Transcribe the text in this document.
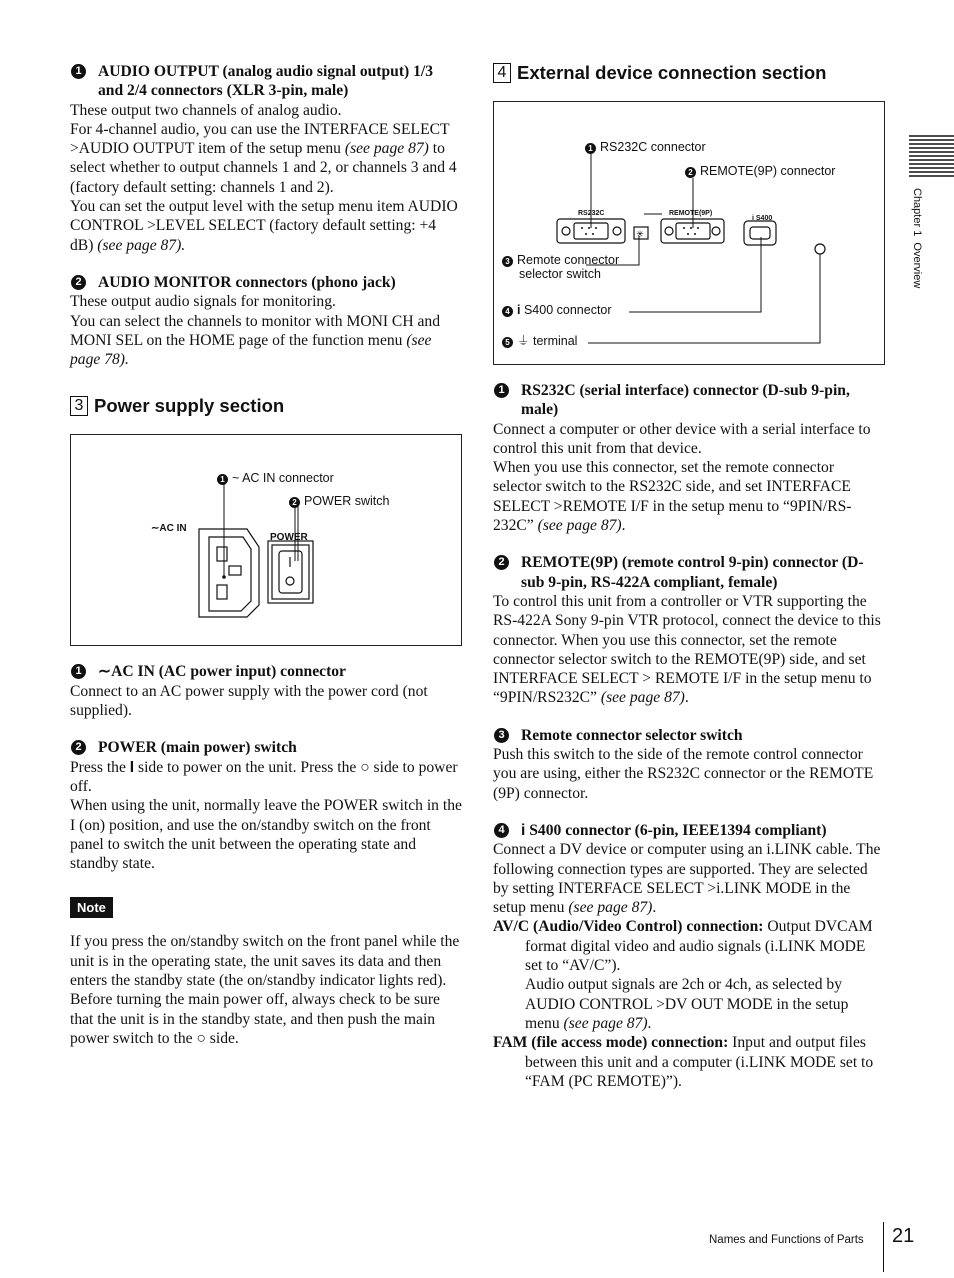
1 AUDIO OUTPUT (analog audio signal output) 1/3 and 2/4 connectors (XLR 3-pin, male)

These output two channels of analog audio.

For 4-channel audio, you can use the INTERFACE SELECT >AUDIO OUTPUT item of the setup menu (see page 87) to select whether to output channels 1 and 2, or channels 3 and 4 (factory default setting: channels 1 and 2).

You can set the output level with the setup menu item AUDIO CONTROL >LEVEL SELECT (factory default setting: +4 dB) (see page 87).

2 AUDIO MONITOR connectors (phono jack)

These output audio signals for monitoring.

You can select the channels to monitor with MONI CH and MONI SEL on the HOME page of the function menu (see page 78).

3 Power supply section
1 ~ AC IN connector
2 POWER switch
∼AC IN
POWER
1 ∼AC IN (AC power input) connector

Connect to an AC power supply with the power cord (not supplied).

2 POWER (main power) switch

Press the I side to power on the unit. Press the ○ side to power off.

When using the unit, normally leave the POWER switch in the I (on) position, and use the on/standby switch on the front panel to switch the unit between the operating state and standby state.

Note

If you press the on/standby switch on the front panel while the unit is in the operating state, the unit saves its data and then enters the standby state (the on/standby indicator lights red). Before turning the main power off, always check to be sure that the unit is in the standby state, and then push the main power switch to the ○ side.

4 External device connection section
✳
1 RS232C connector
2 REMOTE(9P) connector
3 Remote connector
selector switch
4 i S400 connector
5 ⏚ terminal
RS232C	REMOTE(9P)
i S400
1 RS232C (serial interface) connector (D-sub 9-pin, male)

Connect a computer or other device with a serial interface to control this unit from that device.

When you use this connector, set the remote connector selector switch to the RS232C side, and set INTERFACE SELECT >REMOTE I/F in the setup menu to “9PIN/RS-232C” (see page 87).

2 REMOTE(9P) (remote control 9-pin) connector (D-sub 9-pin, RS-422A compliant, female)

To control this unit from a controller or VTR supporting the RS-422A Sony 9-pin VTR protocol, connect the device to this connector. When you use this connector, set the remote connector selector switch to the REMOTE(9P) side, and set INTERFACE SELECT > REMOTE I/F in the setup menu to “9PIN/RS232C” (see page 87).

3 Remote connector selector switch

Push this switch to the side of the remote control connector you are using, either the RS232C connector or the REMOTE (9P) connector.

4 i S400 connector (6-pin, IEEE1394 compliant)

Connect a DV device or computer using an i.LINK cable. The following connection types are supported. They are selected by setting INTERFACE SELECT >i.LINK MODE in the setup menu (see page 87).

AV/C (Audio/Video Control) connection: Output DVCAM format digital video and audio signals (i.LINK MODE set to “AV/C”).

Audio output signals are 2ch or 4ch, as selected by AUDIO CONTROL >DV OUT MODE in the setup menu (see page 87).

FAM (file access mode) connection: Input and output files between this unit and a computer (i.LINK MODE set to “FAM (PC REMOTE)”).

Chapter 1  Overview
Names and Functions of Parts 21
